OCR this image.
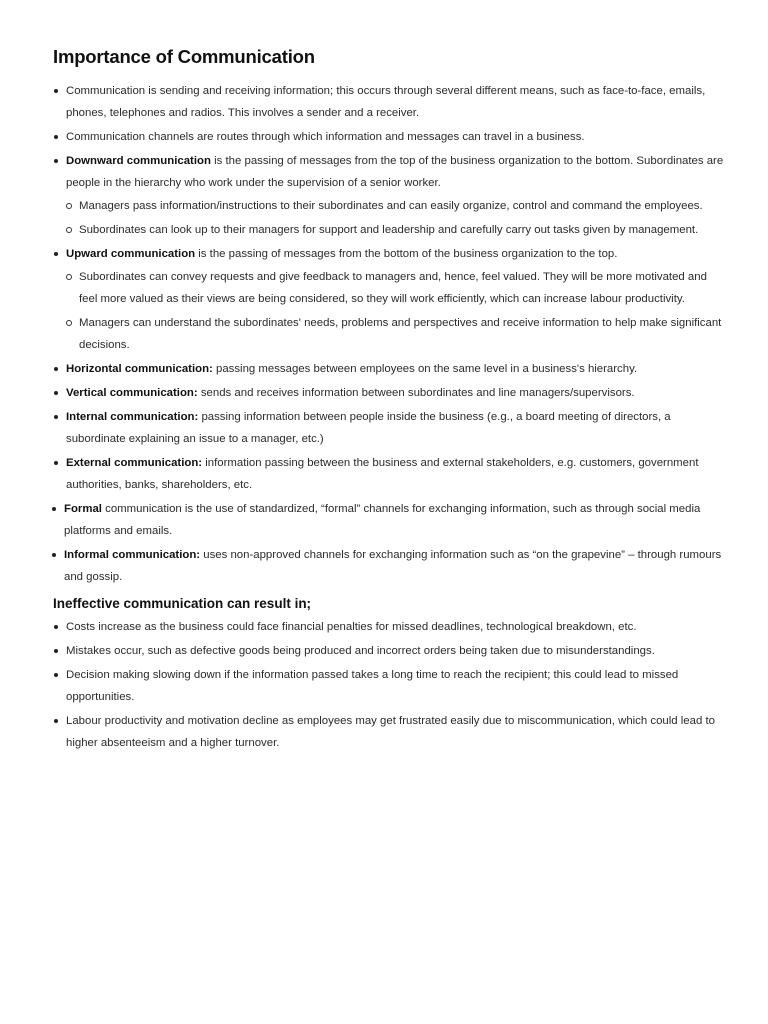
Importance of Communication
Communication is sending and receiving information; this occurs through several different means, such as face-to-face, emails, phones, telephones and radios. This involves a sender and a receiver.
Communication channels are routes through which information and messages can travel in a business.
Downward communication is the passing of messages from the top of the business organization to the bottom. Subordinates are people in the hierarchy who work under the supervision of a senior worker.
Managers pass information/instructions to their subordinates and can easily organize, control and command the employees.
Subordinates can look up to their managers for support and leadership and carefully carry out tasks given by management.
Upward communication is the passing of messages from the bottom of the business organization to the top.
Subordinates can convey requests and give feedback to managers and, hence, feel valued. They will be more motivated and feel more valued as their views are being considered, so they will work efficiently, which can increase labour productivity.
Managers can understand the subordinates' needs, problems and perspectives and receive information to help make significant decisions.
Horizontal communication: passing messages between employees on the same level in a business's hierarchy.
Vertical communication: sends and receives information between subordinates and line managers/supervisors.
Internal communication: passing information between people inside the business (e.g., a board meeting of directors, a subordinate explaining an issue to a manager, etc.)
External communication: information passing between the business and external stakeholders, e.g. customers, government authorities, banks, shareholders, etc.
Formal communication is the use of standardized, “formal” channels for exchanging information, such as through social media platforms and emails.
Informal communication: uses non-approved channels for exchanging information such as “on the grapevine” – through rumours and gossip.
Ineffective communication can result in;
Costs increase as the business could face financial penalties for missed deadlines, technological breakdown, etc.
Mistakes occur, such as defective goods being produced and incorrect orders being taken due to misunderstandings.
Decision making slowing down if the information passed takes a long time to reach the recipient; this could lead to missed opportunities.
Labour productivity and motivation decline as employees may get frustrated easily due to miscommunication, which could lead to higher absenteeism and a higher turnover.
